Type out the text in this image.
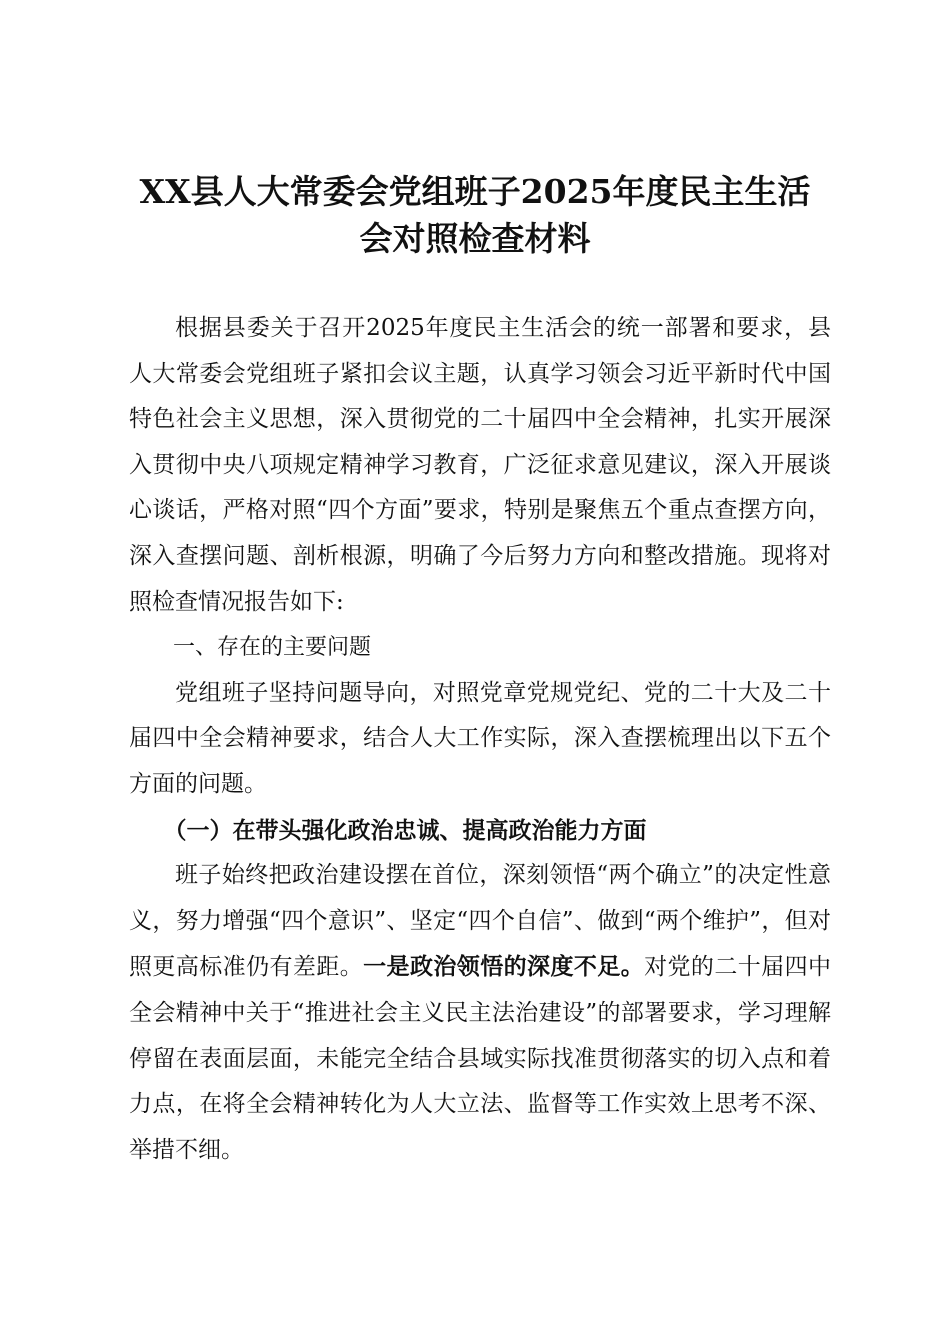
XX县人大常委会党组班子2025年度民主生活
会对照检查材料

根据县委关于召开2025年度民主生活会的统一部署和要求，县人大常委会党组班子紧扣会议主题，认真学习领会习近平新时代中国特色社会主义思想，深入贯彻党的二十届四中全会精神，扎实开展深入贯彻中央八项规定精神学习教育，广泛征求意见建议，深入开展谈心谈话，严格对照“四个方面”要求，特别是聚焦五个重点查摆方向，深入查摆问题、剖析根源，明确了今后努力方向和整改措施。现将对照检查情况报告如下:

一、存在的主要问题

党组班子坚持问题导向，对照党章党规党纪、党的二十大及二十届四中全会精神要求，结合人大工作实际，深入查摆梳理出以下五个方面的问题。

（一）在带头强化政治忠诚、提高政治能力方面

班子始终把政治建设摆在首位，深刻领悟“两个确立”的决定性意义，努力增强“四个意识”、坚定“四个自信”、做到“两个维护”，但对照更高标准仍有差距。一是政治领悟的深度不足。对党的二十届四中全会精神中关于“推进社会主义民主法治建设”的部署要求，学习理解停留在表面层面，未能完全结合县域实际找准贯彻落实的切入点和着力点，在将全会精神转化为人大立法、监督等工作实效上思考不深、举措不细。
